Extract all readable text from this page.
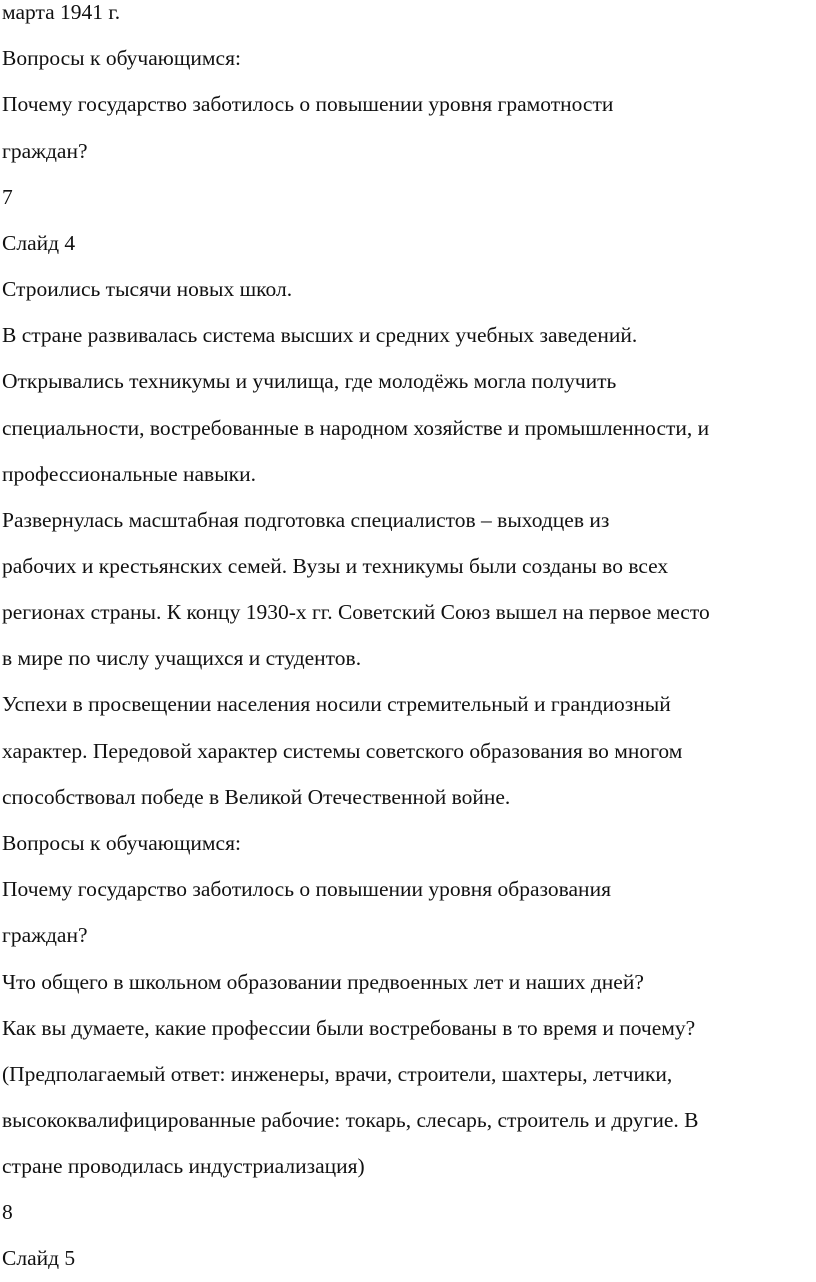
марта 1941 г.
Вопросы к обучающимся:
Почему государство заботилось о повышении уровня грамотности
граждан?
7
Слайд 4
Строились тысячи новых школ.
В стране развивалась система высших и средних учебных заведений.
Открывались техникумы и училища, где молодёжь могла получить
специальности, востребованные в народном хозяйстве и промышленности, и
профессиональные навыки.
Развернулась масштабная подготовка специалистов – выходцев из
рабочих и крестьянских семей. Вузы и техникумы были созданы во всех
регионах страны. К концу 1930-х гг. Советский Союз вышел на первое место
в мире по числу учащихся и студентов.
Успехи в просвещении населения носили стремительный и грандиозный
характер. Передовой характер системы советского образования во многом
способствовал победе в Великой Отечественной войне.
Вопросы к обучающимся:
Почему государство заботилось о повышении уровня образования
граждан?
Что общего в школьном образовании предвоенных лет и наших дней?
Как вы думаете, какие профессии были востребованы в то время и почему?
(Предполагаемый ответ: инженеры, врачи, строители, шахтеры, летчики,
высококвалифицированные рабочие: токарь, слесарь, строитель и другие. В
стране проводилась индустриализация)
8
Слайд 5
